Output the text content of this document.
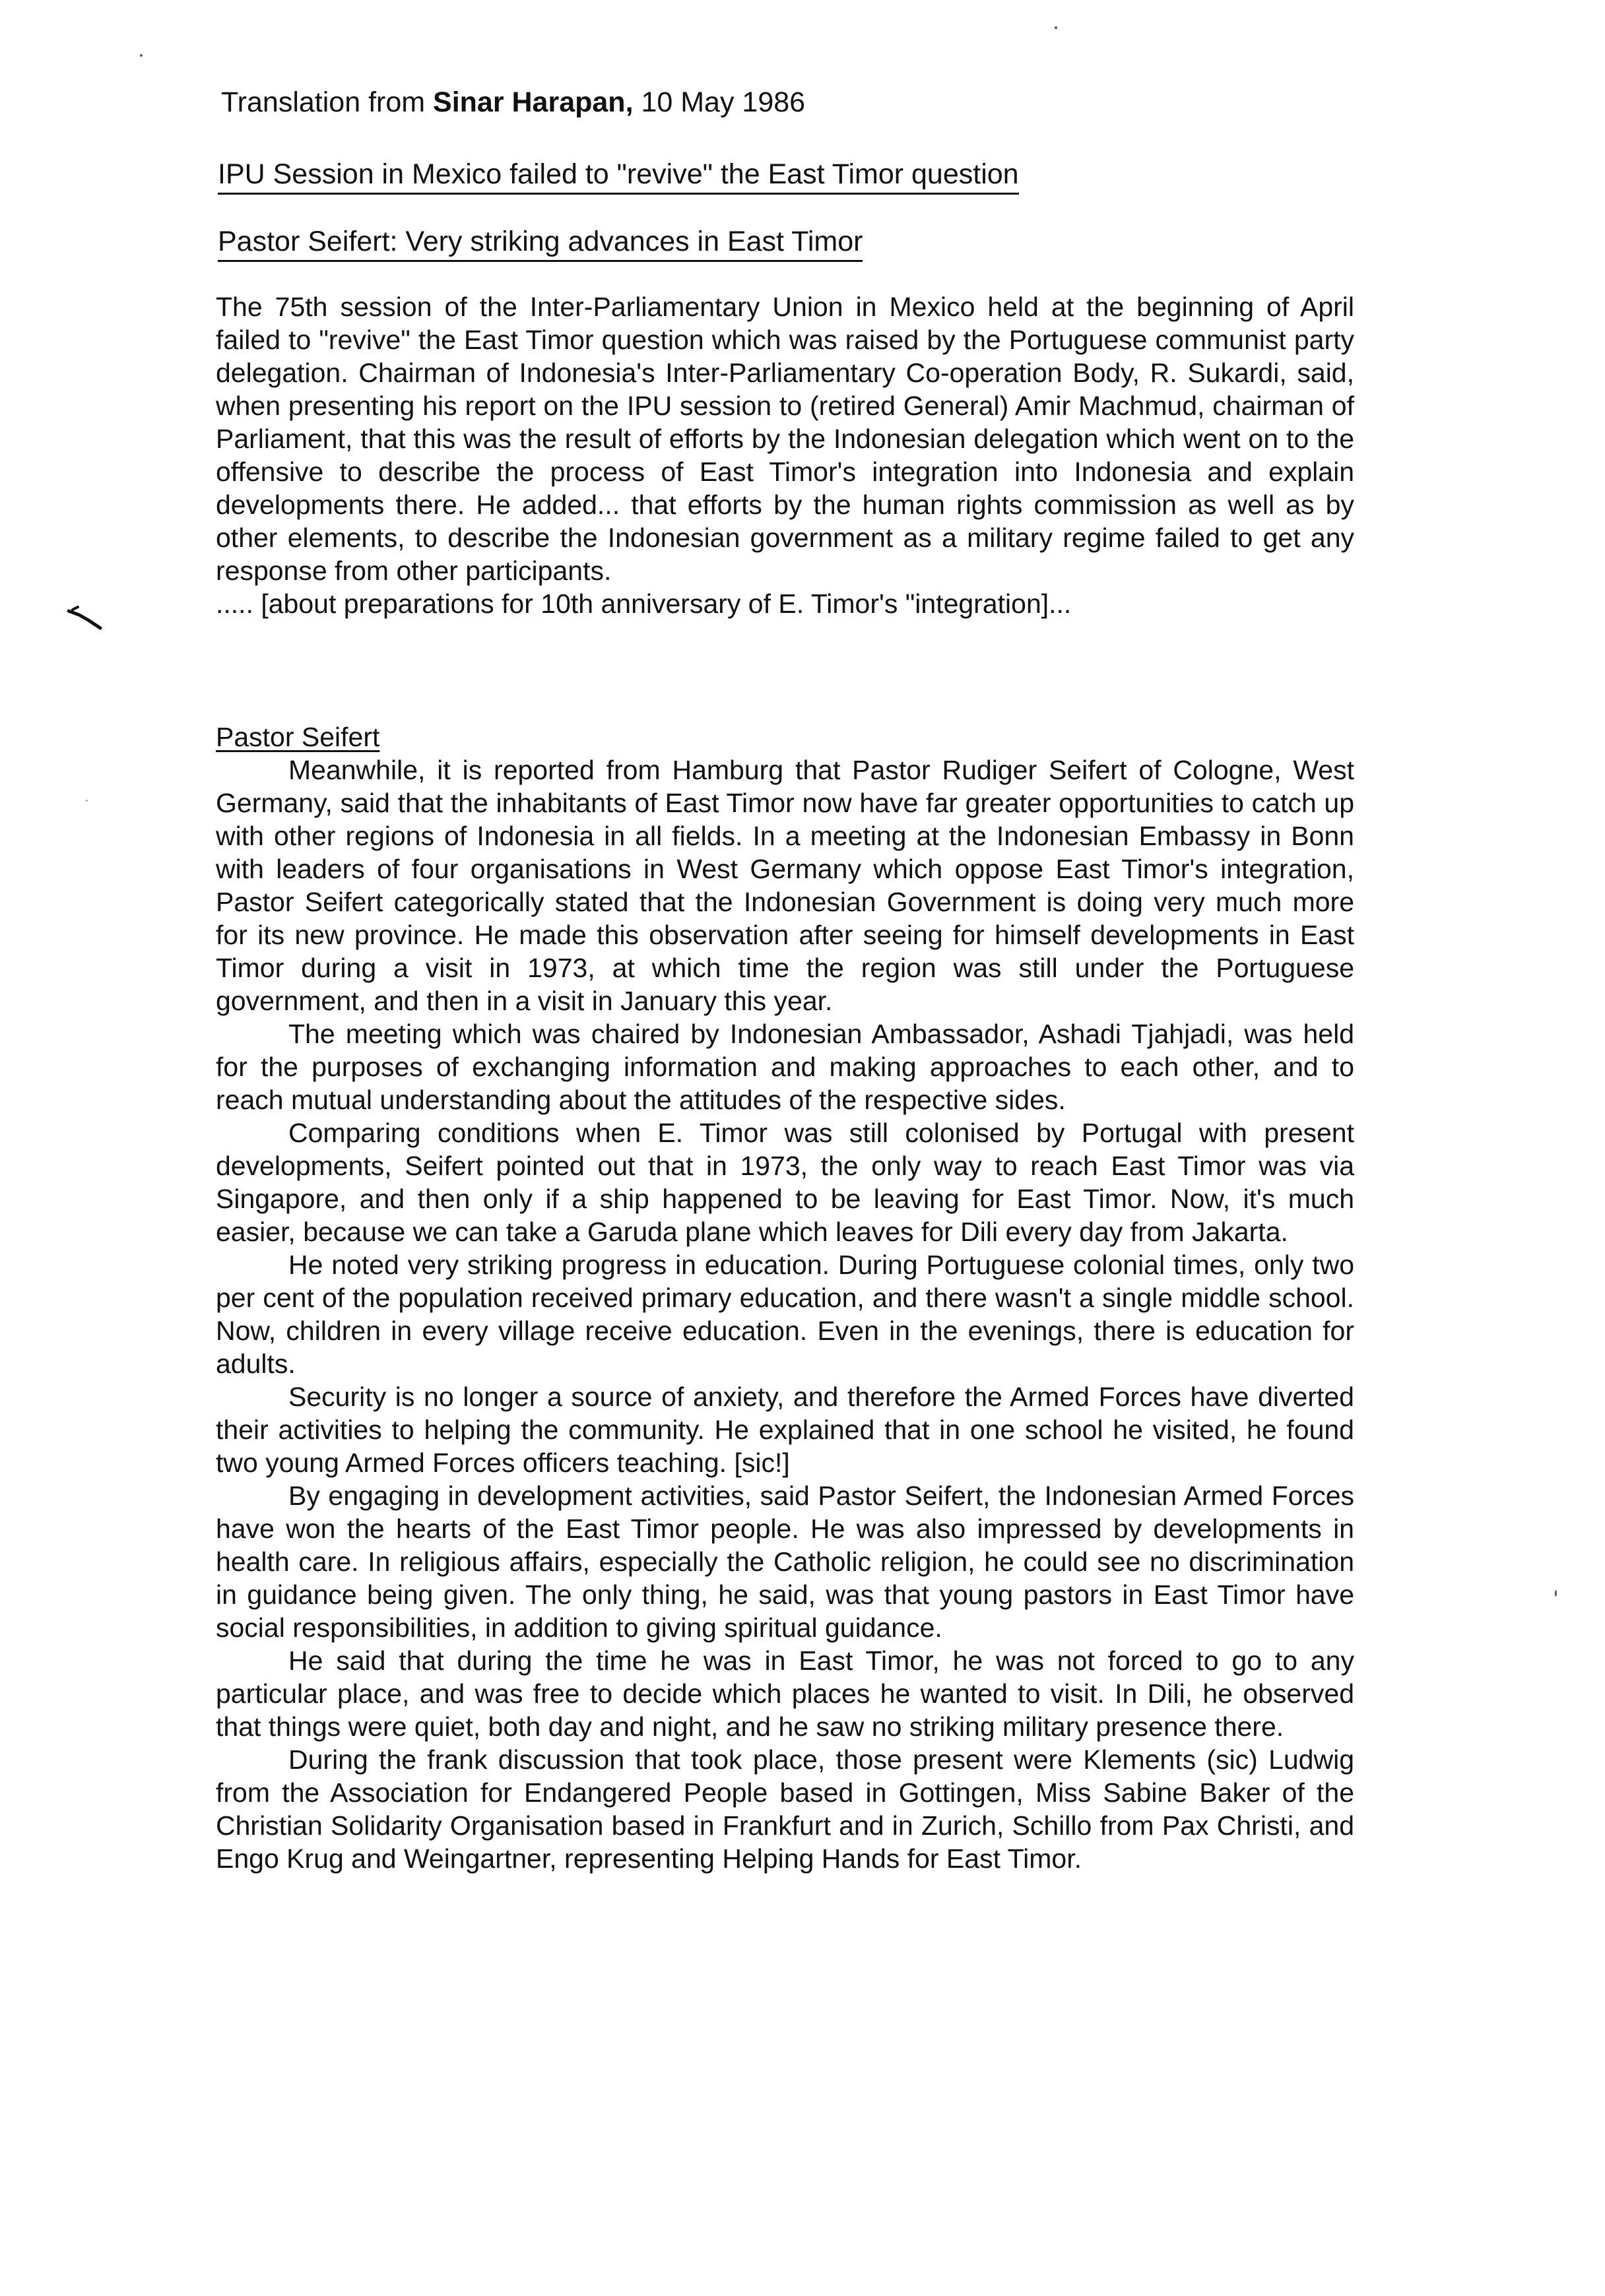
Translation from Sinar Harapan, 10 May 1986
IPU Session in Mexico failed to "revive" the East Timor question
Pastor Seifert: Very striking advances in East Timor

The 75th session of the Inter-Parliamentary Union in Mexico held at the beginning of April failed to "revive" the East Timor question which was raised by the Portuguese communist party delegation. Chairman of Indonesia's Inter-Parliamentary Co-operation Body, R. Sukardi, said, when presenting his report on the IPU session to (retired General) Amir Machmud, chairman of Parliament, that this was the result of efforts by the Indonesian delegation which went on to the offensive to describe the process of East Timor's integration into Indonesia and explain developments there. He added... that efforts by the human rights commission as well as by other elements, to describe the Indonesian government as a military regime failed to get any response from other participants.

..... [about preparations for 10th anniversary of E. Timor's "integration]...

Pastor Seifert

Meanwhile, it is reported from Hamburg that Pastor Rudiger Seifert of Cologne, West Germany, said that the inhabitants of East Timor now have far greater opportunities to catch up with other regions of Indonesia in all fields. In a meeting at the Indonesian Embassy in Bonn with leaders of four organisations in West Germany which oppose East Timor's integration, Pastor Seifert categorically stated that the Indonesian Government is doing very much more for its new province. He made this observation after seeing for himself developments in East Timor during a visit in 1973, at which time the region was still under the Portuguese government, and then in a visit in January this year.

The meeting which was chaired by Indonesian Ambassador, Ashadi Tjahjadi, was held for the purposes of exchanging information and making approaches to each other, and to reach mutual understanding about the attitudes of the respective sides.

Comparing conditions when E. Timor was still colonised by Portugal with present developments, Seifert pointed out that in 1973, the only way to reach East Timor was via Singapore, and then only if a ship happened to be leaving for East Timor. Now, it's much easier, because we can take a Garuda plane which leaves for Dili every day from Jakarta.

He noted very striking progress in education. During Portuguese colonial times, only two per cent of the population received primary education, and there wasn't a single middle school. Now, children in every village receive education. Even in the evenings, there is education for adults.

Security is no longer a source of anxiety, and therefore the Armed Forces have diverted their activities to helping the community. He explained that in one school he visited, he found two young Armed Forces officers teaching. [sic!]

By engaging in development activities, said Pastor Seifert, the Indonesian Armed Forces have won the hearts of the East Timor people. He was also impressed by developments in health care. In religious affairs, especially the Catholic religion, he could see no discrimination in guidance being given. The only thing, he said, was that young pastors in East Timor have social responsibilities, in addition to giving spiritual guidance.

He said that during the time he was in East Timor, he was not forced to go to any particular place, and was free to decide which places he wanted to visit. In Dili, he observed that things were quiet, both day and night, and he saw no striking military presence there.

During the frank discussion that took place, those present were Klements (sic) Ludwig from the Association for Endangered People based in Gottingen, Miss Sabine Baker of the Christian Solidarity Organisation based in Frankfurt and in Zurich, Schillo from Pax Christi, and Engo Krug and Weingartner, representing Helping Hands for East Timor.
